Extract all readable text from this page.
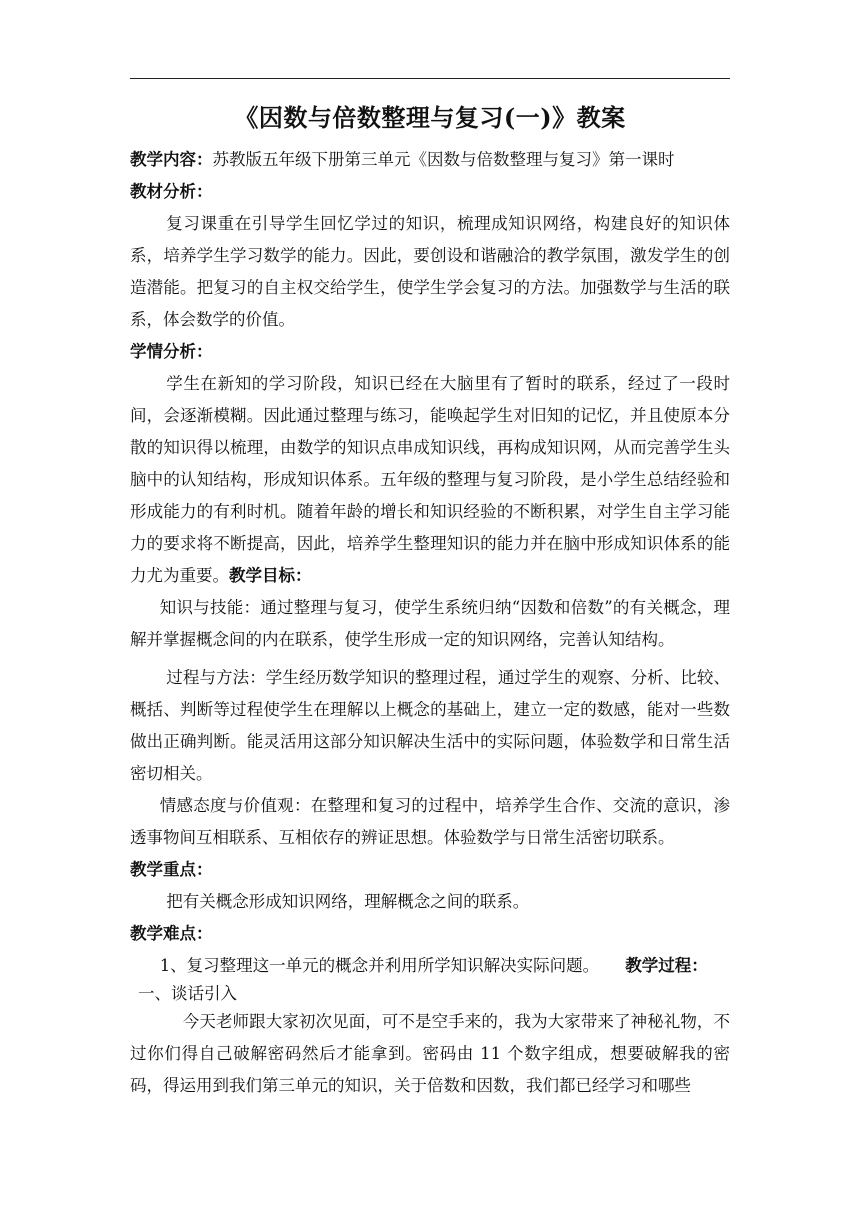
《因数与倍数整理与复习(一)》教案

教学内容：苏教版五年级下册第三单元《因数与倍数整理与复习》第一课时

教材分析：

复习课重在引导学生回忆学过的知识，梳理成知识网络，构建良好的知识体系，培养学生学习数学的能力。因此，要创设和谐融洽的教学氛围，激发学生的创造潜能。把复习的自主权交给学生，使学生学会复习的方法。加强数学与生活的联系，体会数学的价值。

学情分析：

学生在新知的学习阶段，知识已经在大脑里有了暂时的联系，经过了一段时间，会逐渐模糊。因此通过整理与练习，能唤起学生对旧知的记忆，并且使原本分散的知识得以梳理，由数学的知识点串成知识线，再构成知识网，从而完善学生头脑中的认知结构，形成知识体系。五年级的整理与复习阶段，是小学生总结经验和形成能力的有利时机。随着年龄的增长和知识经验的不断积累，对学生自主学习能力的要求将不断提高，因此，培养学生整理知识的能力并在脑中形成知识体系的能力尤为重要。教学目标：

知识与技能：通过整理与复习，使学生系统归纳“因数和倍数”的有关概念，理解并掌握概念间的内在联系，使学生形成一定的知识网络，完善认知结构。

过程与方法：学生经历数学知识的整理过程，通过学生的观察、分析、比较、概括、判断等过程使学生在理解以上概念的基础上，建立一定的数感，能对一些数做出正确判断。能灵活用这部分知识解决生活中的实际问题，体验数学和日常生活密切相关。

情感态度与价值观：在整理和复习的过程中，培养学生合作、交流的意识，渗透事物间互相联系、互相依存的辨证思想。体验数学与日常生活密切联系。

教学重点：

把有关概念形成知识网络，理解概念之间的联系。

教学难点：

1、复习整理这一单元的概念并利用所学知识解决实际问题。 教学过程：

一、谈话引入

今天老师跟大家初次见面，可不是空手来的，我为大家带来了神秘礼物，不过你们得自己破解密码然后才能拿到。密码由 11 个数字组成，想要破解我的密码，得运用到我们第三单元的知识，关于倍数和因数，我们都已经学习和哪些
